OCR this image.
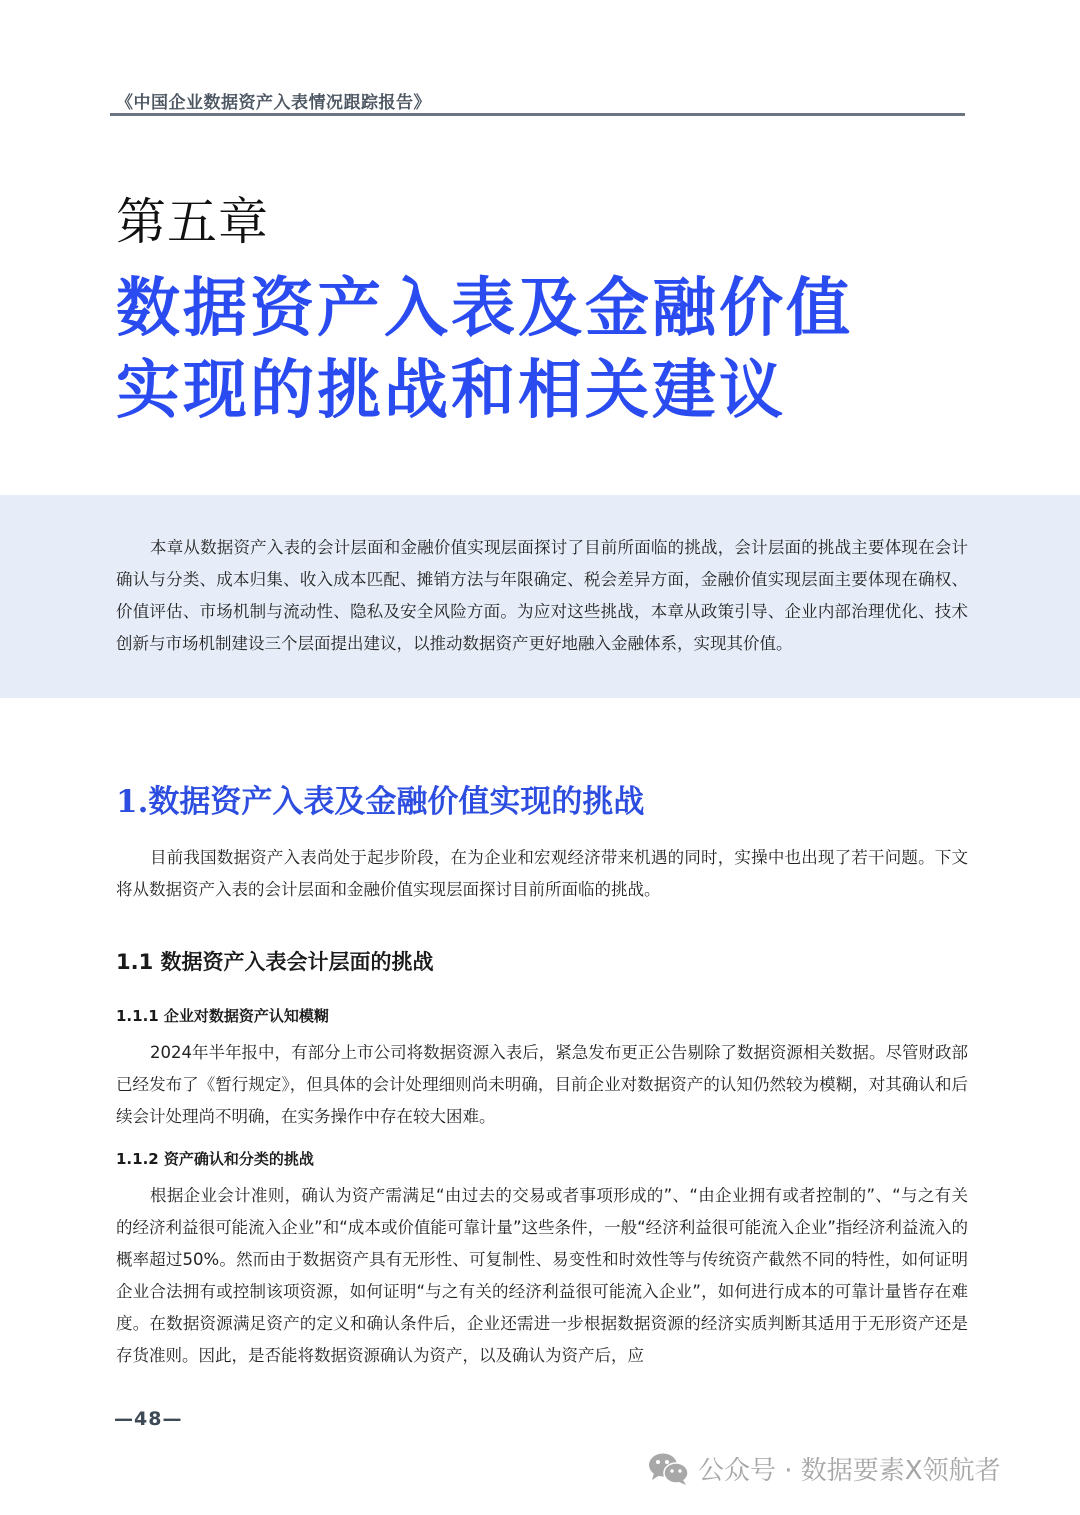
《中国企业数据资产入表情况跟踪报告》
第五章
数据资产入表及金融价值
实现的挑战和相关建议
本章从数据资产入表的会计层面和金融价值实现层面探讨了目前所面临的挑战，会计层面的挑战主要体现在会计确认与分类、成本归集、收入成本匹配、摊销方法与年限确定、税会差异方面，金融价值实现层面主要体现在确权、价值评估、市场机制与流动性、隐私及安全风险方面。为应对这些挑战，本章从政策引导、企业内部治理优化、技术创新与市场机制建设三个层面提出建议，以推动数据资产更好地融入金融体系，实现其价值。
1.数据资产入表及金融价值实现的挑战
目前我国数据资产入表尚处于起步阶段，在为企业和宏观经济带来机遇的同时，实操中也出现了若干问题。下文将从数据资产入表的会计层面和金融价值实现层面探讨目前所面临的挑战。
1.1 数据资产入表会计层面的挑战
1.1.1 企业对数据资产认知模糊
2024年半年报中，有部分上市公司将数据资源入表后，紧急发布更正公告剔除了数据资源相关数据。尽管财政部已经发布了《暂行规定》，但具体的会计处理细则尚未明确，目前企业对数据资产的认知仍然较为模糊，对其确认和后续会计处理尚不明确，在实务操作中存在较大困难。
1.1.2 资产确认和分类的挑战
根据企业会计准则，确认为资产需满足“由过去的交易或者事项形成的”、“由企业拥有或者控制的”、“与之有关的经济利益很可能流入企业”和“成本或价值能可靠计量”这些条件，一般“经济利益很可能流入企业”指经济利益流入的概率超过50%。然而由于数据资产具有无形性、可复制性、易变性和时效性等与传统资产截然不同的特性，如何证明企业合法拥有或控制该项资源，如何证明“与之有关的经济利益很可能流入企业”，如何进行成本的可靠计量皆存在难度。在数据资源满足资产的定义和确认条件后，企业还需进一步根据数据资源的经济实质判断其适用于无形资产还是存货准则。因此，是否能将数据资源确认为资产，以及确认为资产后，应
—48—
公众号 · 数据要素X领航者
